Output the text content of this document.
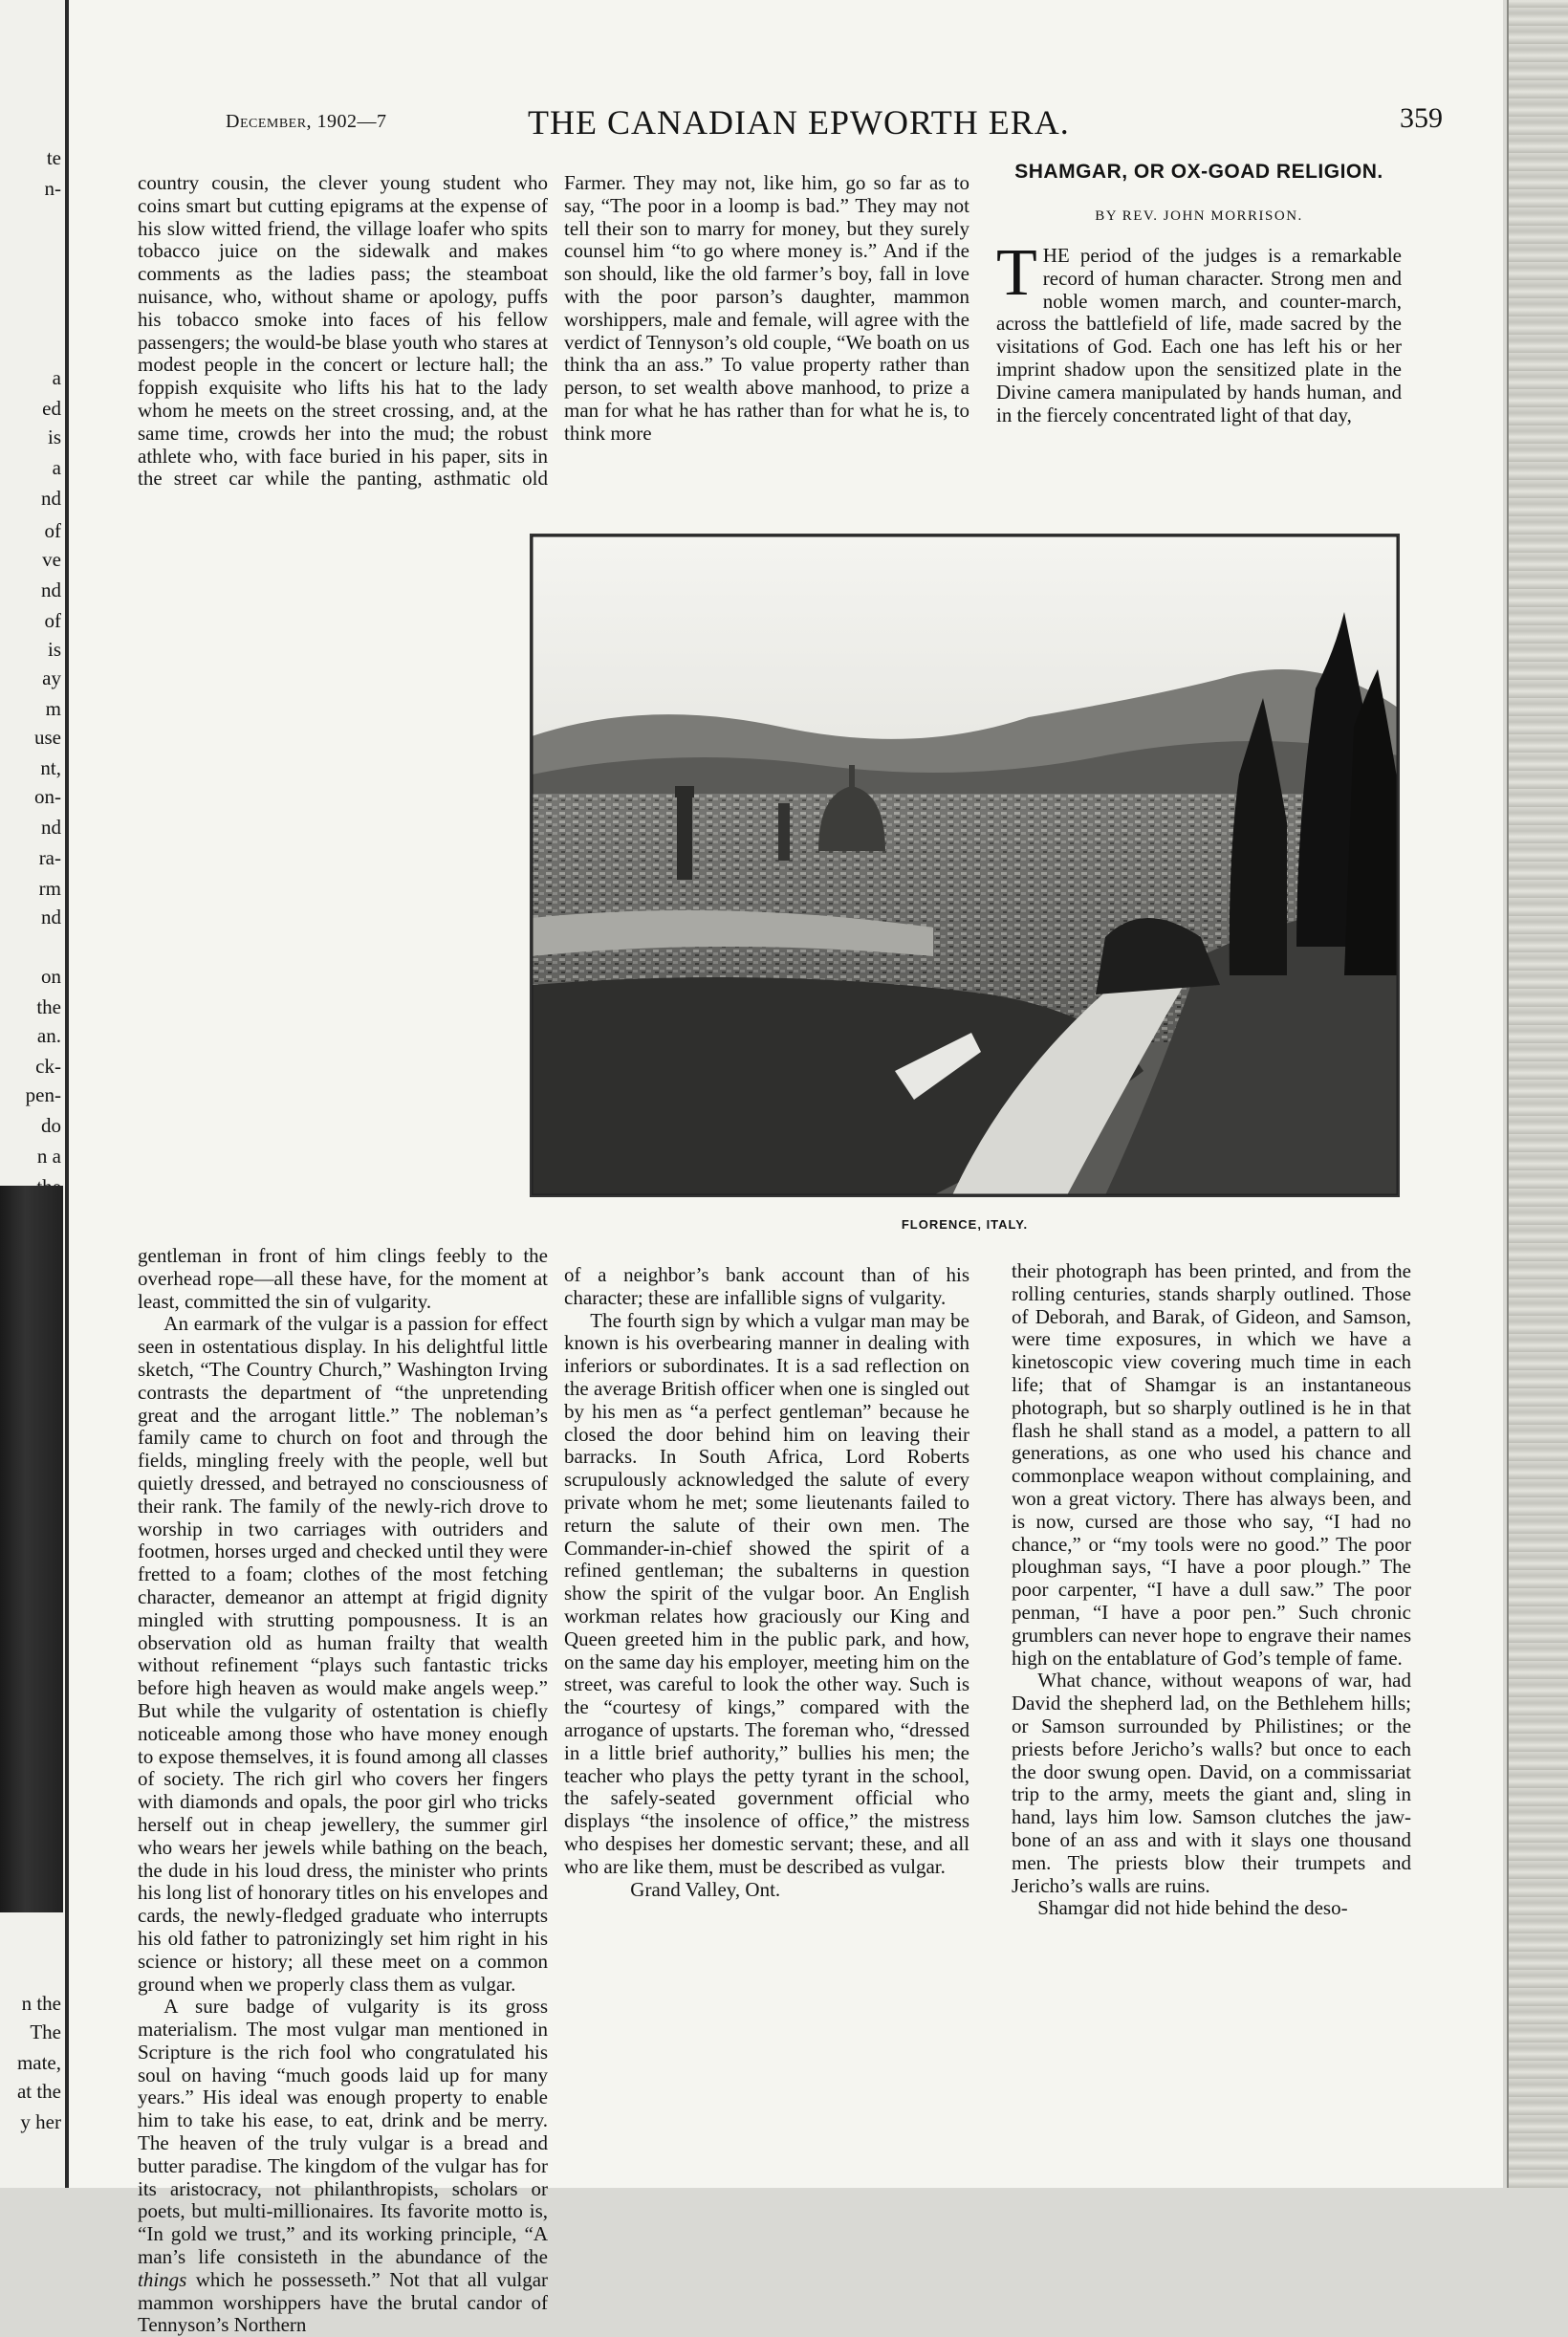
te
n-
a
ed
is
a
nd
of
ve
nd
of
is
ay
m
use
nt,
on-
nd
ra-
rm
nd
on
the
an.
ck-
pen-
do
n a
n the
The
mate,
at the
y her
December, 1902—7	THE CANADIAN EPWORTH ERA.	359

country cousin, the clever young student who coins smart but cutting epigrams at the expense of his slow witted friend, the village loafer who spits tobacco juice on the sidewalk and makes comments as the ladies pass; the steamboat nuisance, who, without shame or apology, puffs his tobacco smoke into faces of his fellow passengers; the would-be blase youth who stares at modest people in the concert or lecture hall; the foppish exquisite who lifts his hat to the lady whom he meets on the street crossing, and, at the same time, crowds her into the mud; the robust athlete who, with face buried in his paper, sits in the street car while the panting, asthmatic old gentleman in front of him clings feebly to the overhead rope—all these have, for the moment at least, committed the sin of vulgarity.

An earmark of the vulgar is a passion for effect seen in ostentatious display. In his delightful little sketch, “The Country Church,” Washington Irving contrasts the department of “the unpretending great and the arrogant little.” The nobleman’s family came to church on foot and through the fields, mingling freely with the people, well but quietly dressed, and betrayed no consciousness of their rank. The family of the newly-rich drove to worship in two carriages with outriders and footmen, horses urged and checked until they were fretted to a foam; clothes of the most fetching character, demeanor an attempt at frigid dignity mingled with strutting pompousness. It is an observation old as human frailty that wealth without refinement “plays such fantastic tricks before high heaven as would make angels weep.” But while the vulgarity of ostentation is chiefly noticeable among those who have money enough to expose themselves, it is found among all classes of society. The rich girl who covers her fingers with diamonds and opals, the poor girl who tricks herself out in cheap jewellery, the summer girl who wears her jewels while bathing on the beach, the dude in his loud dress, the minister who prints his long list of honorary titles on his envelopes and cards, the newly-fledged graduate who interrupts his old father to patronizingly set him right in his science or history; all these meet on a common ground when we properly class them as vulgar.

A sure badge of vulgarity is its gross materialism. The most vulgar man mentioned in Scripture is the rich fool who congratulated his soul on having “much goods laid up for many years.” His ideal was enough property to enable him to take his ease, to eat, drink and be merry. The heaven of the truly vulgar is a bread and butter paradise. The kingdom of the vulgar has for its aristocracy, not philanthropists, scholars or poets, but multi-millionaires. Its favorite motto is, “In gold we trust,” and its working principle, “A man’s life consisteth in the abundance of the things which he possesseth.” Not that all vulgar mammon worshippers have the brutal candor of Tennyson’s Northern

Farmer. They may not, like him, go so far as to say, “The poor in a loomp is bad.” They may not tell their son to marry for money, but they surely counsel him “to go where money is.” And if the son should, like the old farmer’s boy, fall in love with the poor parson’s daughter, mammon worshippers, male and female, will agree with the verdict of Tennyson’s old couple, “We boath on us think tha an ass.” To value property rather than person, to set wealth above manhood, to prize a man for what he has rather than for what he is, to think more

SHAMGAR, OR OX-GOAD RELIGION.
BY REV. JOHN MORRISON.

THE period of the judges is a remarkable record of human character. Strong men and noble women march, and counter-march, across the battlefield of life, made sacred by the visitations of God. Each one has left his or her imprint shadow upon the sensitized plate in the Divine camera manipulated by hands human, and in the fiercely concentrated light of that day,

FLORENCE, ITALY.

of a neighbor’s bank account than of his character; these are infallible signs of vulgarity.

The fourth sign by which a vulgar man may be known is his overbearing manner in dealing with inferiors or subordinates. It is a sad reflection on the average British officer when one is singled out by his men as “a perfect gentleman” because he closed the door behind him on leaving their barracks. In South Africa, Lord Roberts scrupulously acknowledged the salute of every private whom he met; some lieutenants failed to return the salute of their own men. The Commander-in-chief showed the spirit of a refined gentleman; the subalterns in question show the spirit of the vulgar boor. An English workman relates how graciously our King and Queen greeted him in the public park, and how, on the same day his employer, meeting him on the street, was careful to look the other way. Such is the “courtesy of kings,” compared with the arrogance of upstarts. The foreman who, “dressed in a little brief authority,” bullies his men; the teacher who plays the petty tyrant in the school, the safely-seated government official who displays “the insolence of office,” the mistress who despises her domestic servant; these, and all who are like them, must be described as vulgar.

Grand Valley, Ont.

their photograph has been printed, and from the rolling centuries, stands sharply outlined. Those of Deborah, and Barak, of Gideon, and Samson, were time exposures, in which we have a kinetoscopic view covering much time in each life; that of Shamgar is an instantaneous photograph, but so sharply outlined is he in that flash he shall stand as a model, a pattern to all generations, as one who used his chance and commonplace weapon without complaining, and won a great victory. There has always been, and is now, cursed are those who say, “I had no chance,” or “my tools were no good.” The poor ploughman says, “I have a poor plough.” The poor carpenter, “I have a dull saw.” The poor penman, “I have a poor pen.” Such chronic grumblers can never hope to engrave their names high on the entablature of God’s temple of fame.

What chance, without weapons of war, had David the shepherd lad, on the Bethlehem hills; or Samson surrounded by Philistines; or the priests before Jericho’s walls? but once to each the door swung open. David, on a commissariat trip to the army, meets the giant and, sling in hand, lays him low. Samson clutches the jaw-bone of an ass and with it slays one thousand men. The priests blow their trumpets and Jericho’s walls are ruins.

Shamgar did not hide behind the deso-
